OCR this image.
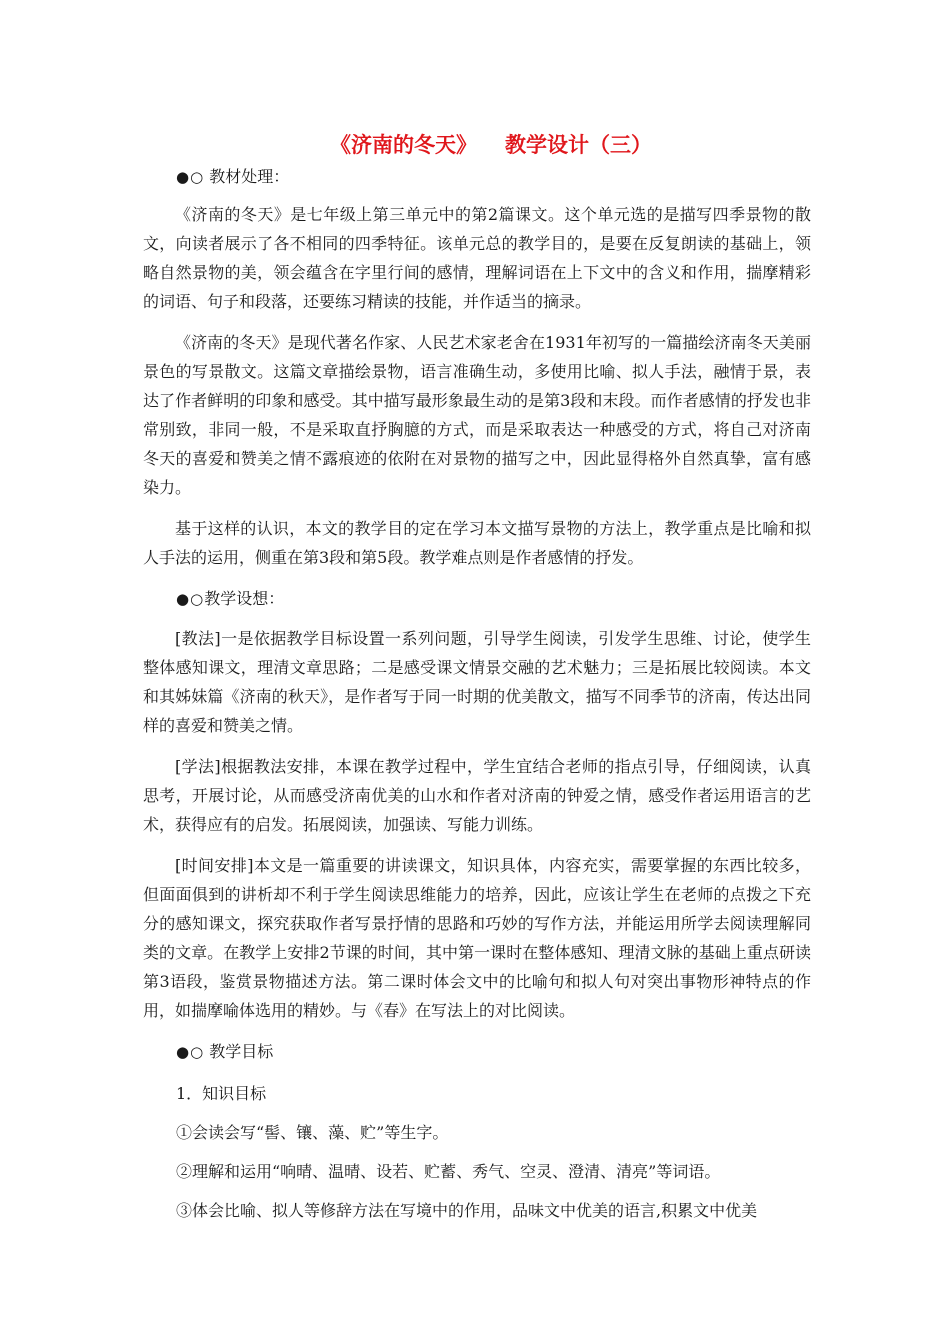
《济南的冬天》 教学设计（三）
●○ 教材处理：

《济南的冬天》是七年级上第三单元中的第2篇课文。这个单元选的是描写四季景物的散文，向读者展示了各不相同的四季特征。该单元总的教学目的，是要在反复朗读的基础上，领略自然景物的美，领会蕴含在字里行间的感情，理解词语在上下文中的含义和作用，揣摩精彩的词语、句子和段落，还要练习精读的技能，并作适当的摘录。

《济南的冬天》是现代著名作家、人民艺术家老舍在1931年初写的一篇描绘济南冬天美丽景色的写景散文。这篇文章描绘景物，语言准确生动，多使用比喻、拟人手法，融情于景，表达了作者鲜明的印象和感受。其中描写最形象最生动的是第3段和末段。而作者感情的抒发也非常别致，非同一般，不是采取直抒胸臆的方式，而是采取表达一种感受的方式，将自己对济南冬天的喜爱和赞美之情不露痕迹的依附在对景物的描写之中，因此显得格外自然真挚，富有感染力。

基于这样的认识，本文的教学目的定在学习本文描写景物的方法上，教学重点是比喻和拟人手法的运用，侧重在第3段和第5段。教学难点则是作者感情的抒发。

●○教学设想：

[教法]一是依据教学目标设置一系列问题，引导学生阅读，引发学生思维、讨论，使学生整体感知课文，理清文章思路；二是感受课文情景交融的艺术魅力；三是拓展比较阅读。本文和其姊妹篇《济南的秋天》，是作者写于同一时期的优美散文，描写不同季节的济南，传达出同样的喜爱和赞美之情。

[学法]根据教法安排，本课在教学过程中，学生宜结合老师的指点引导，仔细阅读，认真思考，开展讨论，从而感受济南优美的山水和作者对济南的钟爱之情，感受作者运用语言的艺术，获得应有的启发。拓展阅读，加强读、写能力训练。

[时间安排]本文是一篇重要的讲读课文，知识具体，内容充实，需要掌握的东西比较多，但面面俱到的讲析却不利于学生阅读思维能力的培养，因此，应该让学生在老师的点拨之下充分的感知课文，探究获取作者写景抒情的思路和巧妙的写作方法，并能运用所学去阅读理解同类的文章。在教学上安排2节课的时间，其中第一课时在整体感知、理清文脉的基础上重点研读第3语段，鉴赏景物描述方法。第二课时体会文中的比喻句和拟人句对突出事物形神特点的作用，如揣摩喻体选用的精妙。与《春》在写法上的对比阅读。

●○ 教学目标
1．知识目标
①会读会写“髻、镶、藻、贮”等生字。
②理解和运用“响晴、温晴、设若、贮蓄、秀气、空灵、澄清、清亮”等词语。
③体会比喻、拟人等修辞方法在写境中的作用，品味文中优美的语言,积累文中优美
